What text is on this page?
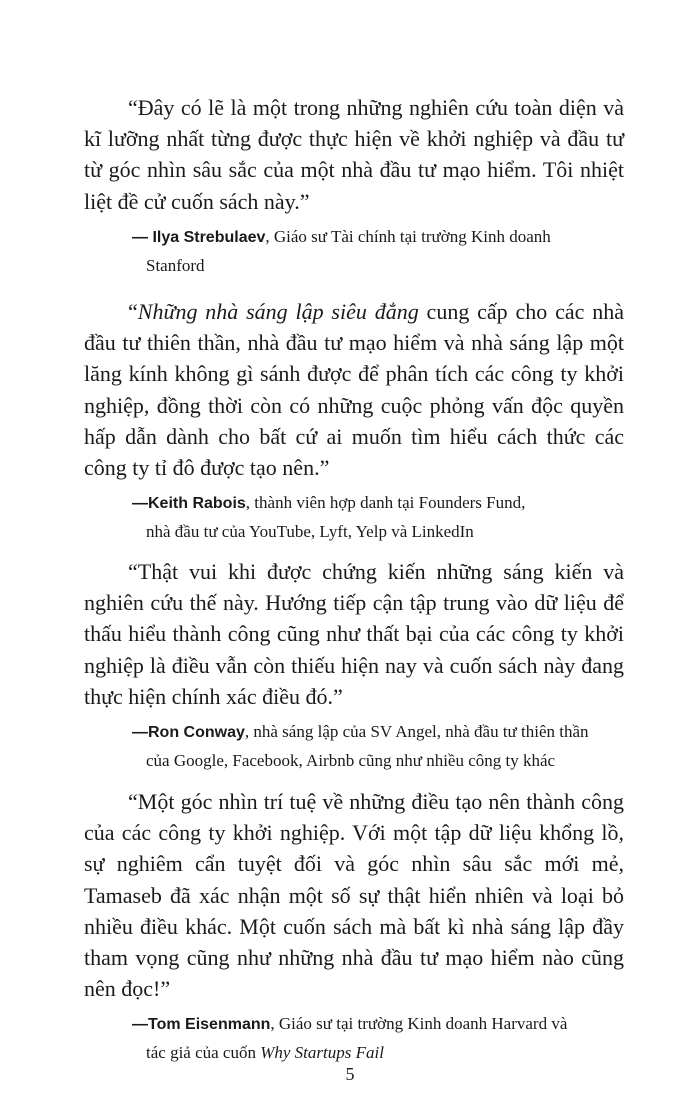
“Đây có lẽ là một trong những nghiên cứu toàn diện và kĩ lưỡng nhất từng được thực hiện về khởi nghiệp và đầu tư từ góc nhìn sâu sắc của một nhà đầu tư mạo hiểm. Tôi nhiệt liệt đề cử cuốn sách này.”

— Ilya Strebulaev, Giáo sư Tài chính tại trường Kinh doanh
Stanford

“Những nhà sáng lập siêu đẳng cung cấp cho các nhà đầu tư thiên thần, nhà đầu tư mạo hiểm và nhà sáng lập một lăng kính không gì sánh được để phân tích các công ty khởi nghiệp, đồng thời còn có những cuộc phỏng vấn độc quyền hấp dẫn dành cho bất cứ ai muốn tìm hiểu cách thức các công ty tỉ đô được tạo nên.”

—Keith Rabois, thành viên hợp danh tại Founders Fund,
nhà đầu tư của YouTube, Lyft, Yelp và LinkedIn

“Thật vui khi được chứng kiến những sáng kiến và nghiên cứu thế này. Hướng tiếp cận tập trung vào dữ liệu để thấu hiểu thành công cũng như thất bại của các công ty khởi nghiệp là điều vẫn còn thiếu hiện nay và cuốn sách này đang thực hiện chính xác điều đó.”

—Ron Conway, nhà sáng lập của SV Angel, nhà đầu tư thiên thần
của Google, Facebook, Airbnb cũng như nhiều công ty khác

“Một góc nhìn trí tuệ về những điều tạo nên thành công của các công ty khởi nghiệp. Với một tập dữ liệu khổng lồ, sự nghiêm cẩn tuyệt đối và góc nhìn sâu sắc mới mẻ, Tamaseb đã xác nhận một số sự thật hiển nhiên và loại bỏ nhiều điều khác. Một cuốn sách mà bất kì nhà sáng lập đầy tham vọng cũng như những nhà đầu tư mạo hiểm nào cũng nên đọc!”

—Tom Eisenmann, Giáo sư tại trường Kinh doanh Harvard và
tác giả của cuốn Why Startups Fail
5
